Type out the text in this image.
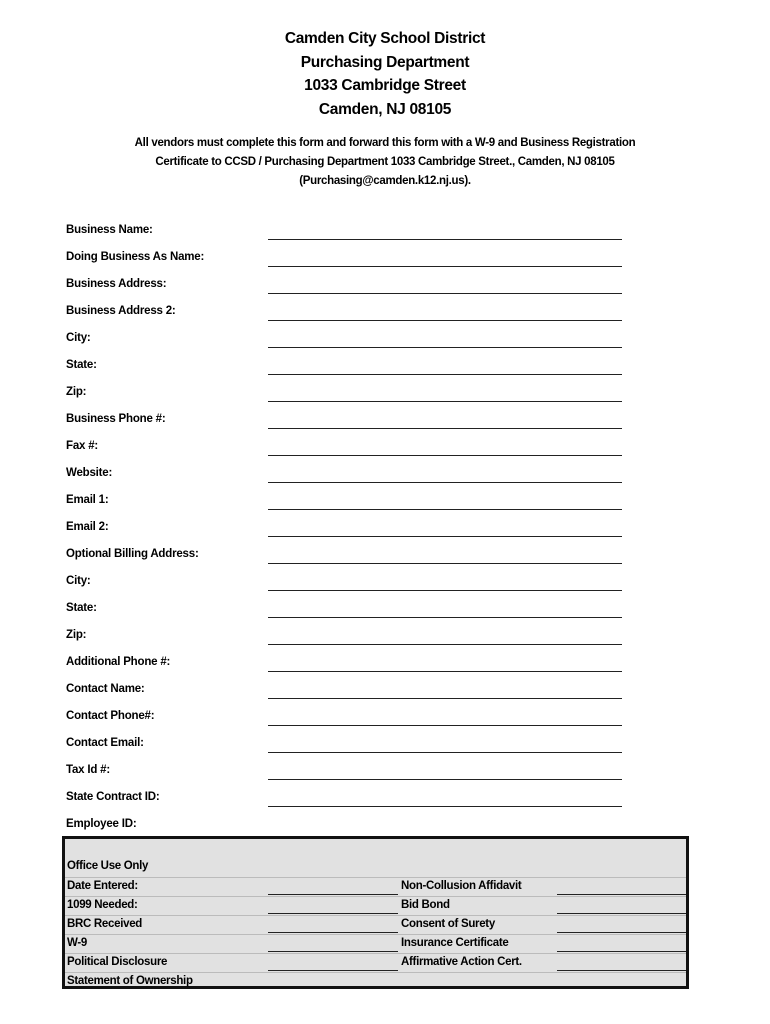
Camden City School District
Purchasing Department
1033 Cambridge Street
Camden, NJ 08105
All vendors must complete this form and forward this form with a W-9 and Business Registration
Certificate to CCSD / Purchasing Department 1033 Cambridge Street., Camden, NJ 08105
(Purchasing@camden.k12.nj.us).
Business Name:
Doing Business As Name:
Business Address:
Business Address 2:
City:
State:
Zip:
Business Phone #:
Fax #:
Website:
Email 1:
Email 2:
Optional Billing Address:
City:
State:
Zip:
Additional Phone #:
Contact Name:
Contact Phone#:
Contact Email:
Tax Id #:
State Contract ID:
Employee ID:
Office Use Only
Date Entered:	Non-Collusion Affidavit
1099 Needed:	Bid Bond
BRC Received	Consent of Surety
W-9	Insurance Certificate
Political Disclosure	Affirmative Action Cert.
Statement of Ownership
